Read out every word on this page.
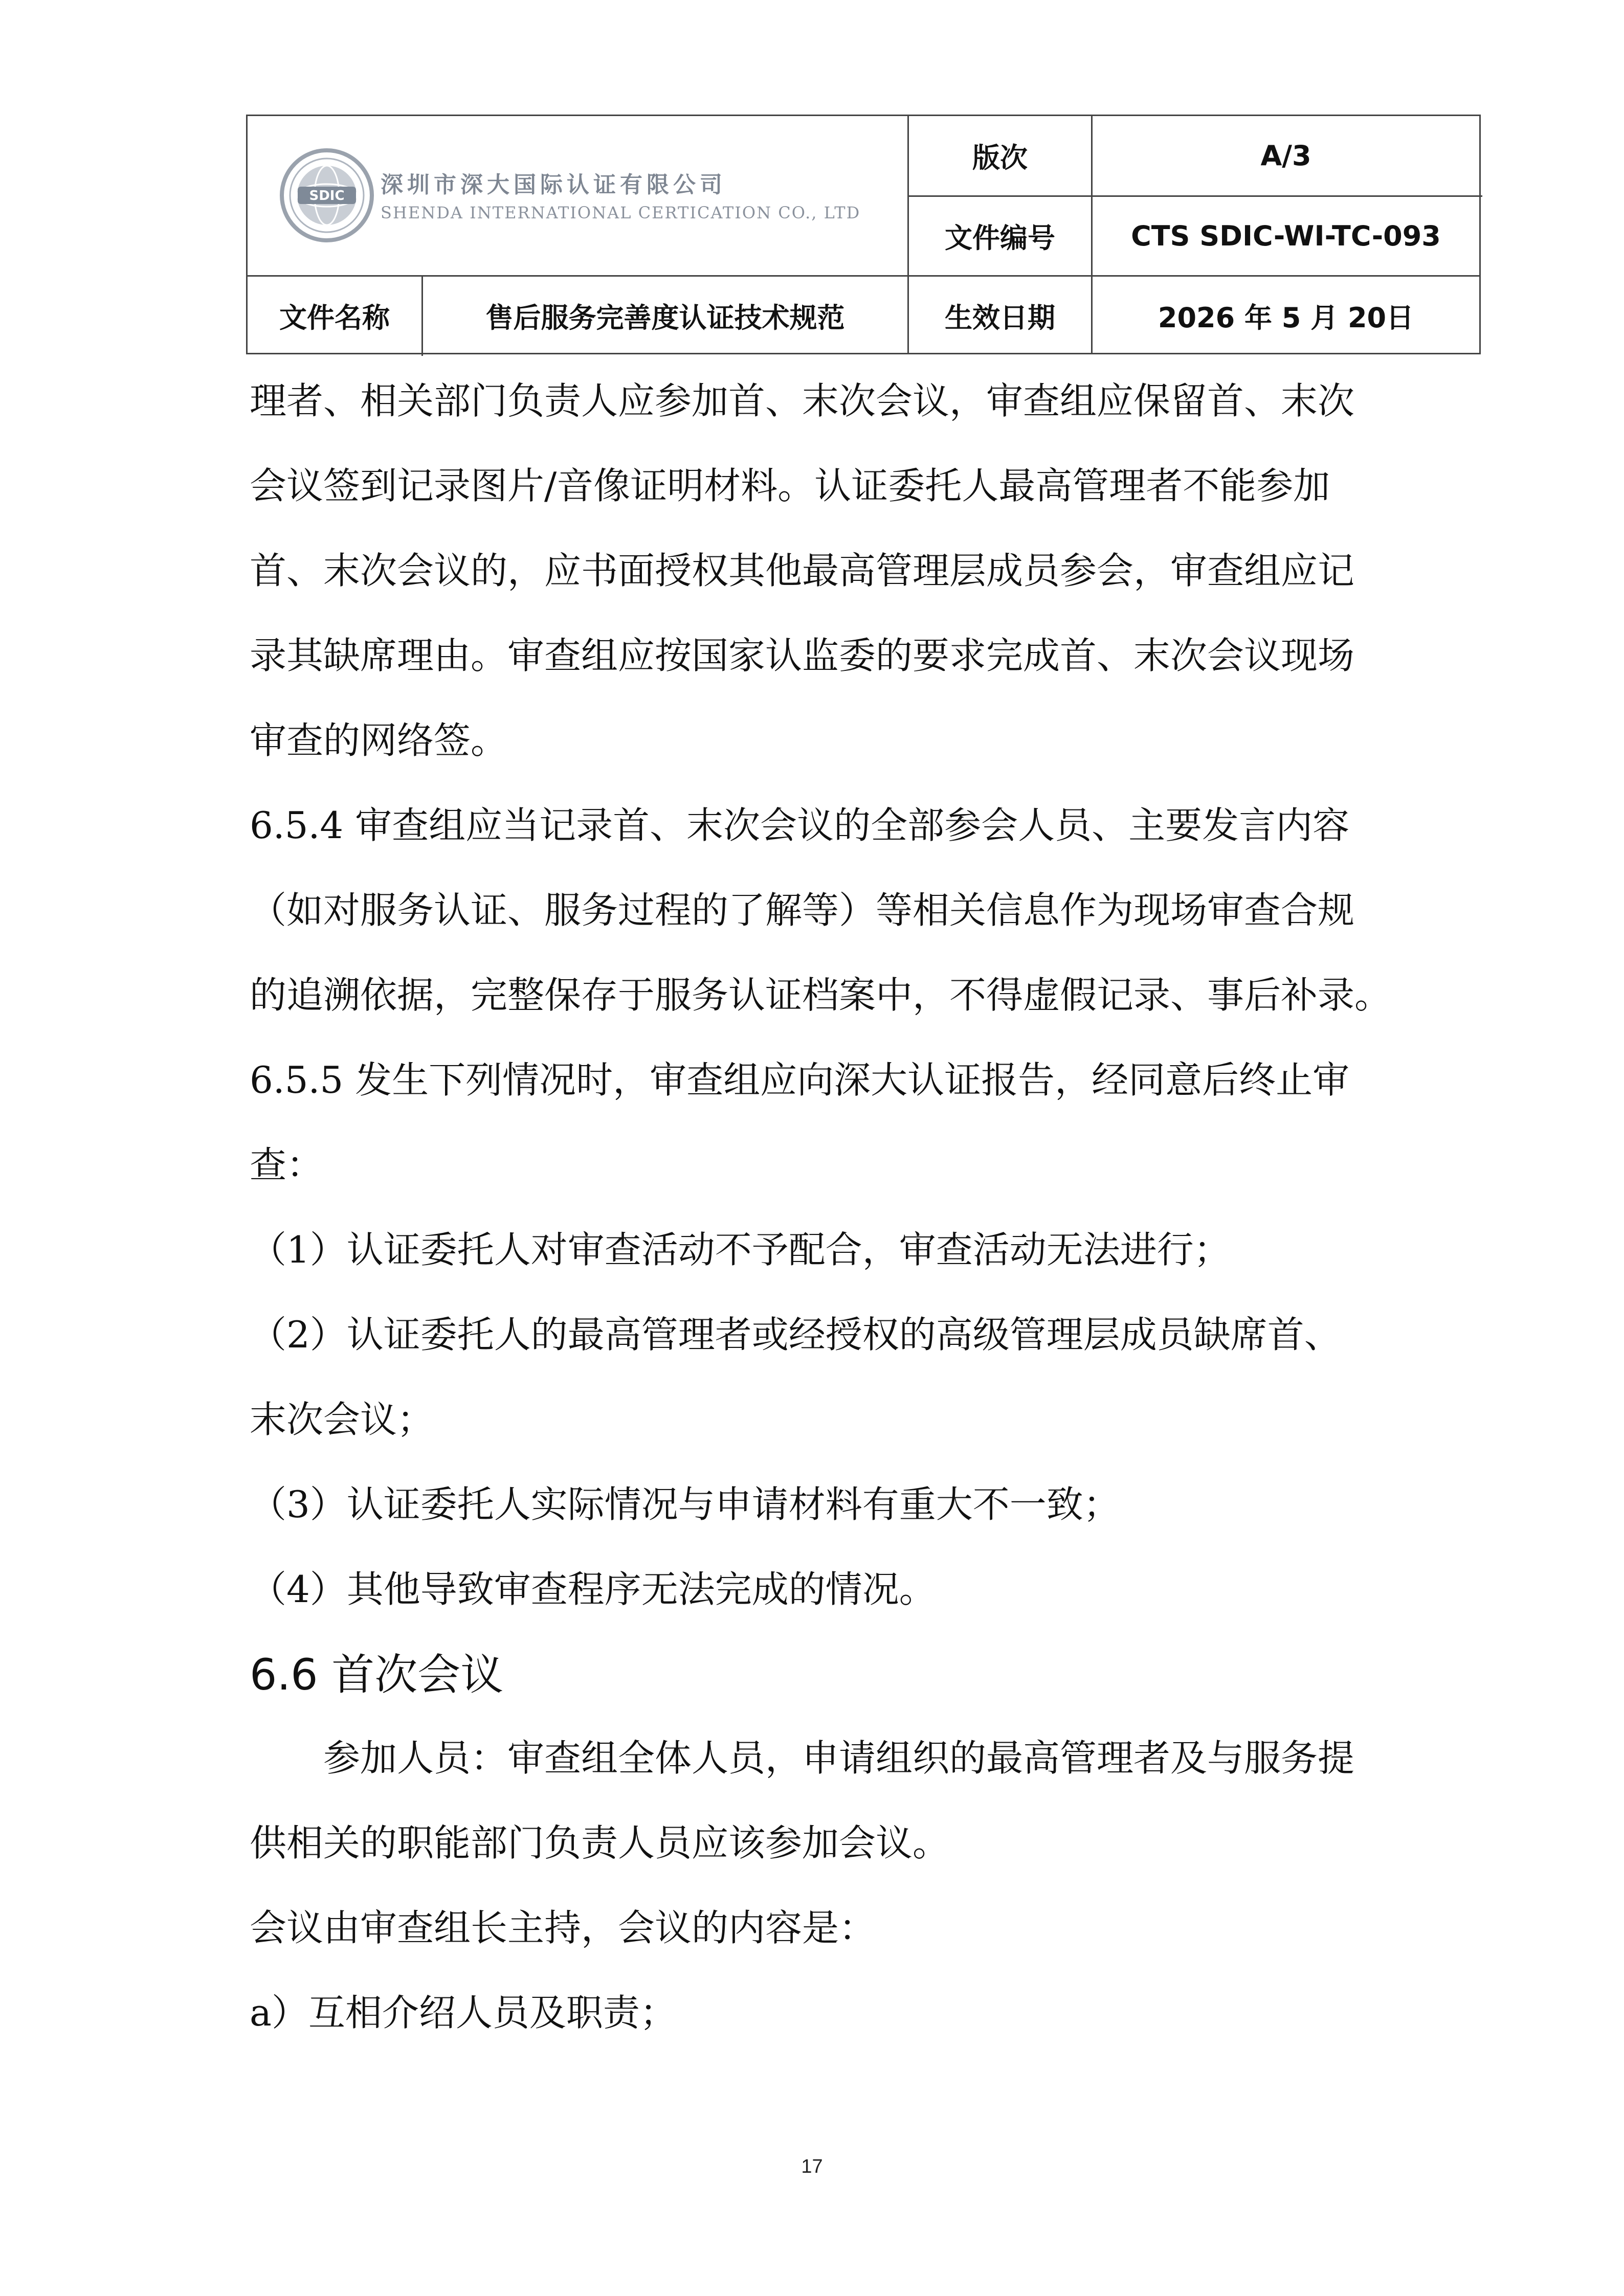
SDIC 深圳市深大国际认证有限公司
SHENDA INTERNATIONAL CERTICATION CO., LTD
版次	A/3
文件编号	CTS SDIC-WI-TC-093
文件名称	售后服务完善度认证技术规范	生效日期	2026 年 5 月 20日
理者、相关部门负责人应参加首、末次会议，审查组应保留首、末次
会议签到记录图片/音像证明材料。认证委托人最高管理者不能参加
首、末次会议的，应书面授权其他最高管理层成员参会，审查组应记
录其缺席理由。审查组应按国家认监委的要求完成首、末次会议现场
审查的网络签。
6.5.4 审查组应当记录首、末次会议的全部参会人员、主要发言内容
（如对服务认证、服务过程的了解等）等相关信息作为现场审查合规
的追溯依据，完整保存于服务认证档案中，不得虚假记录、事后补录。
6.5.5 发生下列情况时，审查组应向深大认证报告，经同意后终止审
查：
（1）认证委托人对审查活动不予配合，审查活动无法进行；
（2）认证委托人的最高管理者或经授权的高级管理层成员缺席首、
末次会议；
（3）认证委托人实际情况与申请材料有重大不一致；
（4）其他导致审查程序无法完成的情况。
6.6 首次会议
参加人员：审查组全体人员，申请组织的最高管理者及与服务提
供相关的职能部门负责人员应该参加会议。
会议由审查组长主持，会议的内容是：
a）互相介绍人员及职责；
17
